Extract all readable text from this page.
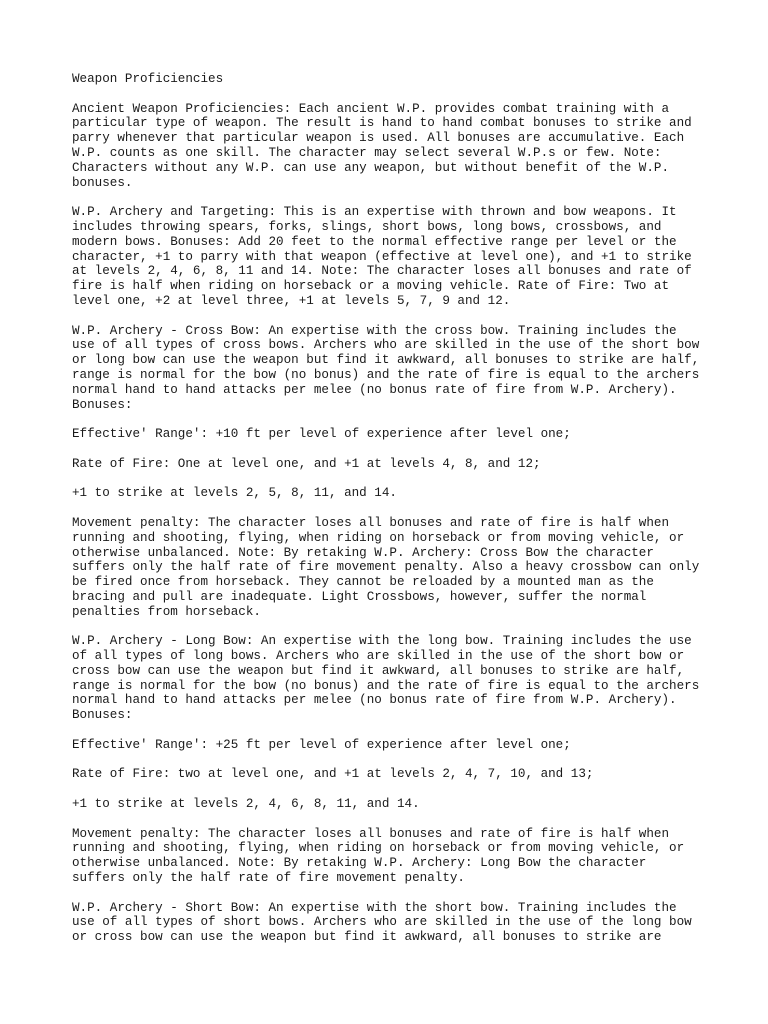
Weapon Proficiencies
Ancient Weapon Proficiencies: Each ancient W.P. provides combat training with a
particular type of weapon. The result is hand to hand combat bonuses to strike and
parry whenever that particular weapon is used. All bonuses are accumulative. Each
W.P. counts as one skill. The character may select several W.P.s or few. Note:
Characters without any W.P. can use any weapon, but without benefit of the W.P.
bonuses.
W.P. Archery and Targeting: This is an expertise with thrown and bow weapons. It
includes throwing spears, forks, slings, short bows, long bows, crossbows, and
modern bows. Bonuses: Add 20 feet to the normal effective range per level or the
character, +1 to parry with that weapon (effective at level one), and +1 to strike
at levels 2, 4, 6, 8, 11 and 14. Note: The character loses all bonuses and rate of
fire is half when riding on horseback or a moving vehicle. Rate of Fire: Two at
level one, +2 at level three, +1 at levels 5, 7, 9 and 12.
W.P. Archery - Cross Bow: An expertise with the cross bow. Training includes the
use of all types of cross bows. Archers who are skilled in the use of the short bow
or long bow can use the weapon but find it awkward, all bonuses to strike are half,
range is normal for the bow (no bonus) and the rate of fire is equal to the archers
normal hand to hand attacks per melee (no bonus rate of fire from W.P. Archery).
Bonuses:
Effective' Range': +10 ft per level of experience after level one;
Rate of Fire: One at level one, and +1 at levels 4, 8, and 12;
+1 to strike at levels 2, 5, 8, 11, and 14.
Movement penalty: The character loses all bonuses and rate of fire is half when
running and shooting, flying, when riding on horseback or from moving vehicle, or
otherwise unbalanced. Note: By retaking W.P. Archery: Cross Bow the character
suffers only the half rate of fire movement penalty. Also a heavy crossbow can only
be fired once from horseback. They cannot be reloaded by a mounted man as the
bracing and pull are inadequate. Light Crossbows, however, suffer the normal
penalties from horseback.
W.P. Archery - Long Bow: An expertise with the long bow. Training includes the use
of all types of long bows. Archers who are skilled in the use of the short bow or
cross bow can use the weapon but find it awkward, all bonuses to strike are half,
range is normal for the bow (no bonus) and the rate of fire is equal to the archers
normal hand to hand attacks per melee (no bonus rate of fire from W.P. Archery).
Bonuses:
Effective' Range': +25 ft per level of experience after level one;
Rate of Fire: two at level one, and +1 at levels 2, 4, 7, 10, and 13;
+1 to strike at levels 2, 4, 6, 8, 11, and 14.
Movement penalty: The character loses all bonuses and rate of fire is half when
running and shooting, flying, when riding on horseback or from moving vehicle, or
otherwise unbalanced. Note: By retaking W.P. Archery: Long Bow the character
suffers only the half rate of fire movement penalty.
W.P. Archery - Short Bow: An expertise with the short bow. Training includes the
use of all types of short bows. Archers who are skilled in the use of the long bow
or cross bow can use the weapon but find it awkward, all bonuses to strike are
